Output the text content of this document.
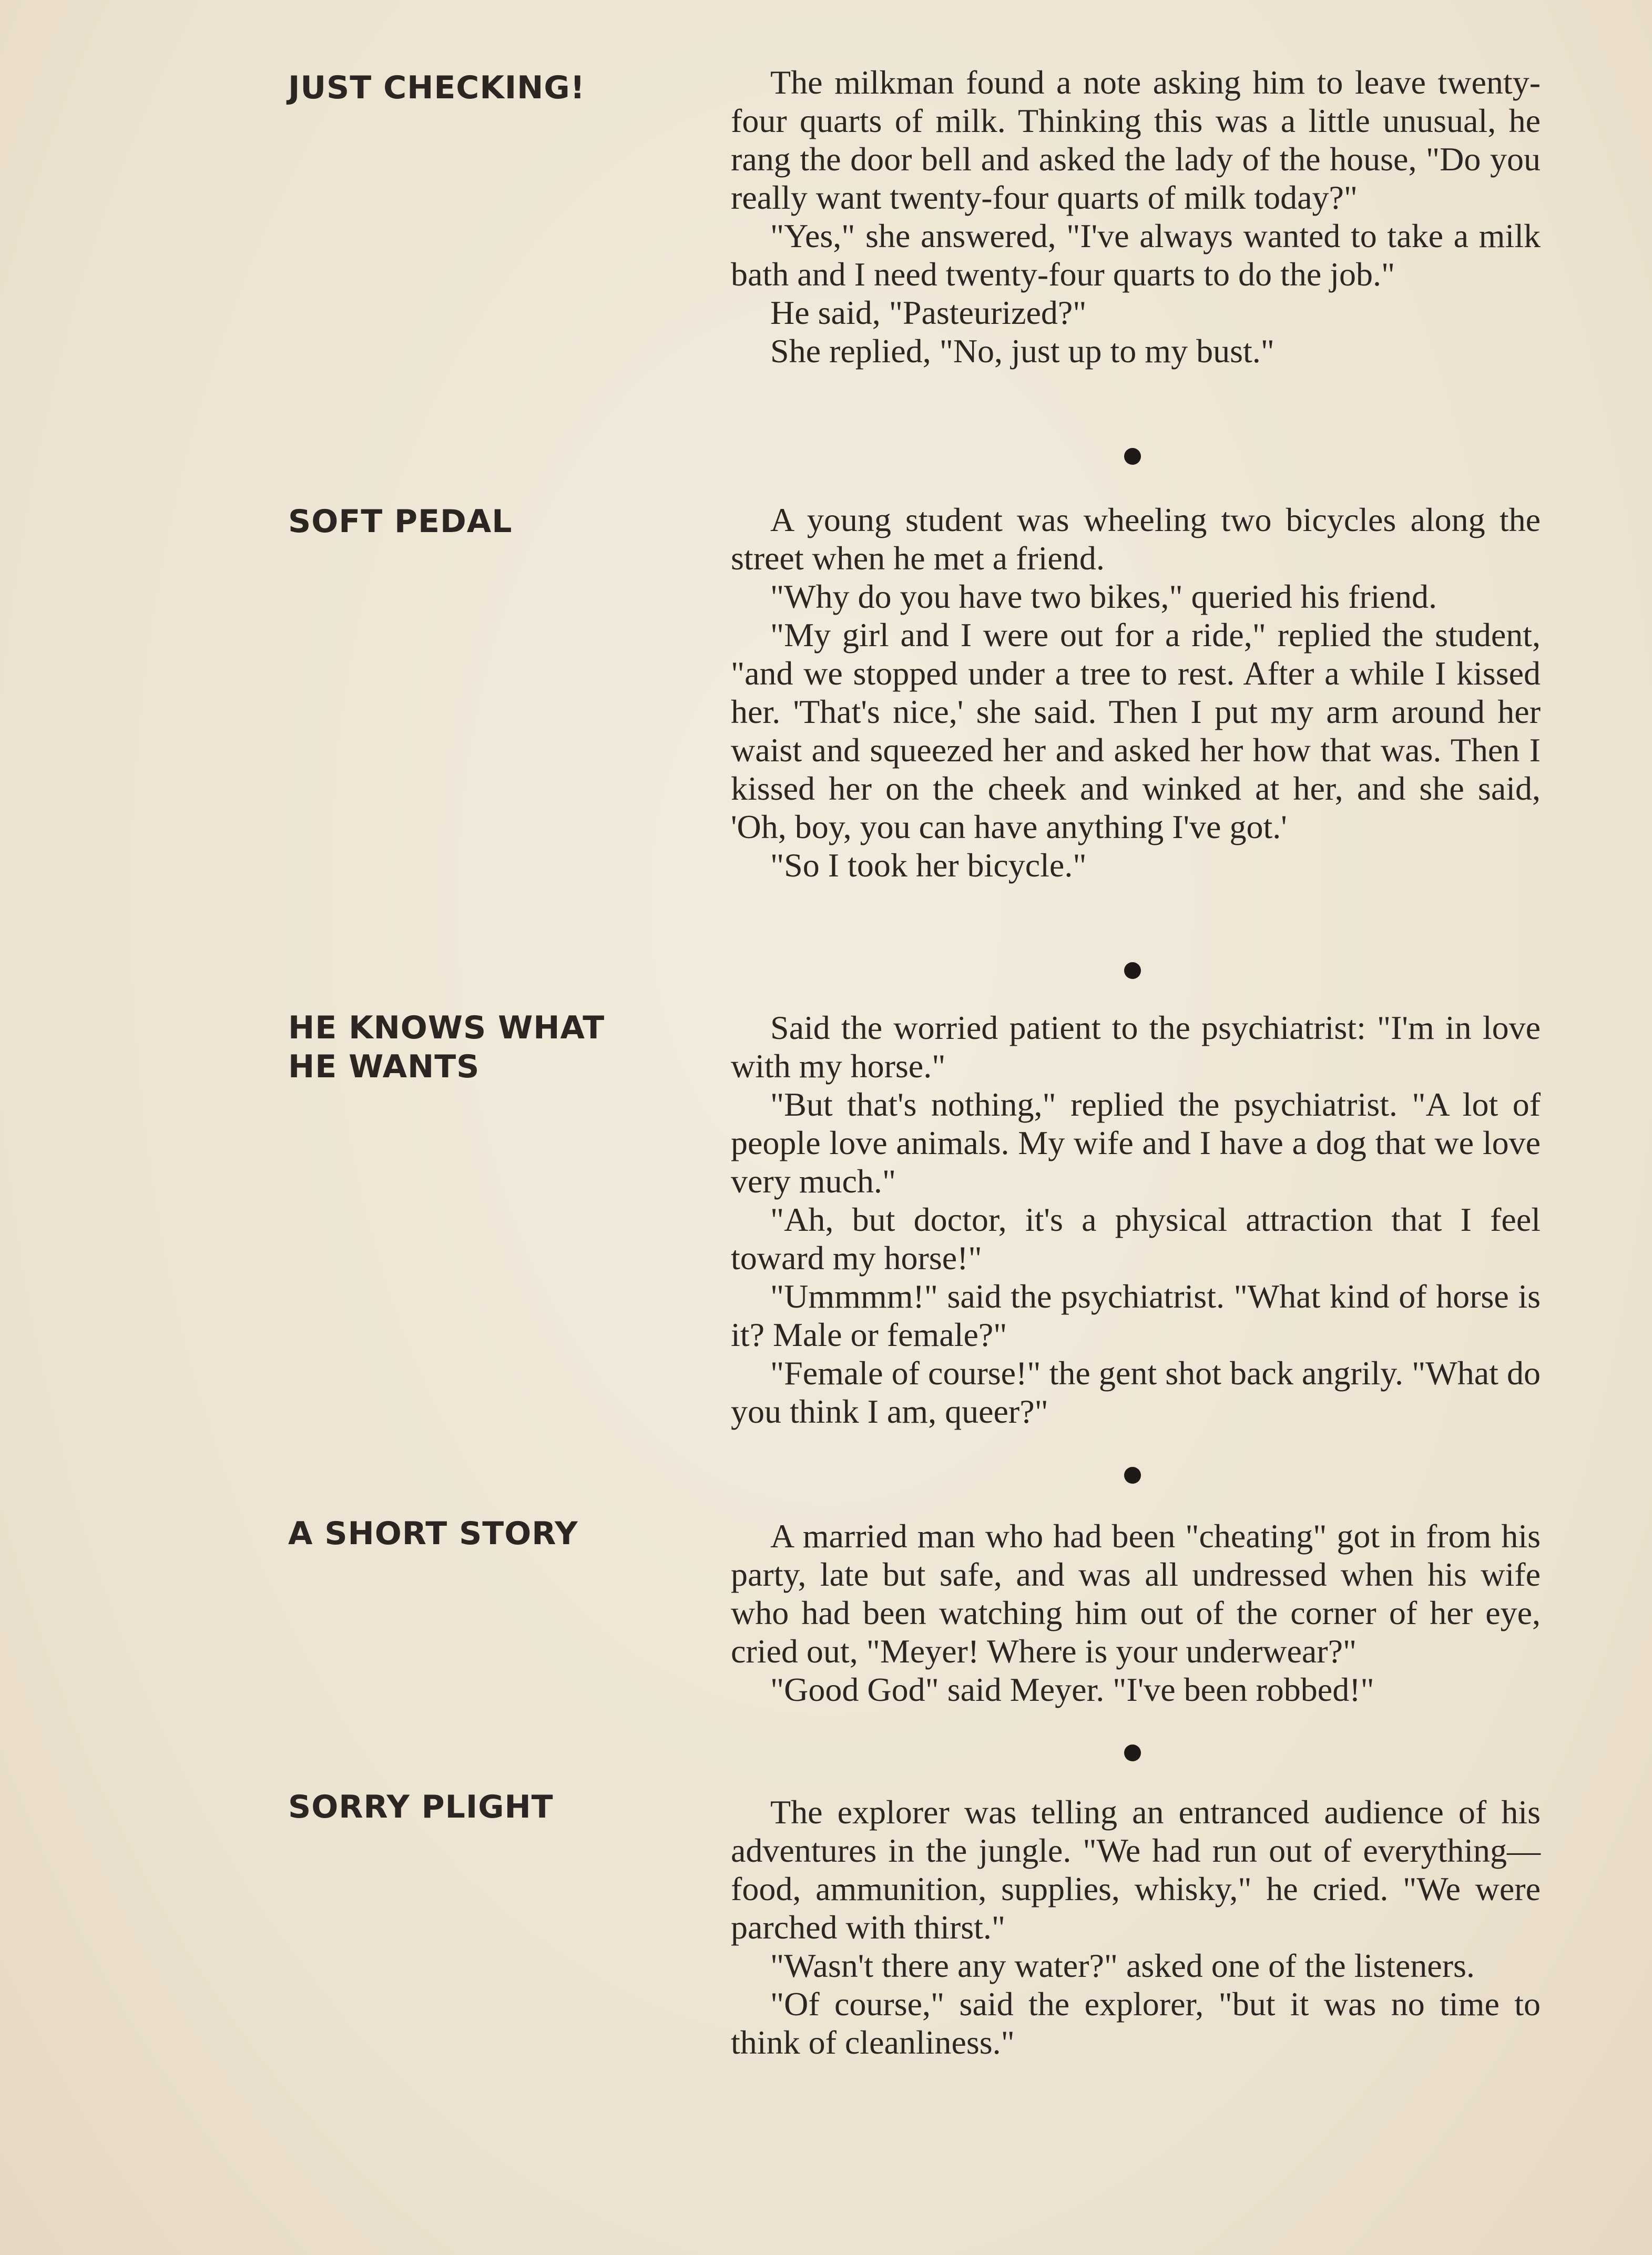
JUST CHECKING!	The milkman found a note asking him to leave twenty-four quarts of milk. Thinking this was a little unusual, he rang the door bell and asked the lady of the house, "Do you really want twenty-four quarts of milk today?"

"Yes," she answered, "I've always wanted to take a milk bath and I need twenty-four quarts to do the job."

He said, "Pasteurized?"

She replied, "No, just up to my bust."

SOFT PEDAL	A young student was wheeling two bicycles along the street when he met a friend.

"Why do you have two bikes," queried his friend.

"My girl and I were out for a ride," replied the student, "and we stopped under a tree to rest. After a while I kissed her. 'That's nice,' she said. Then I put my arm around her waist and squeezed her and asked her how that was. Then I kissed her on the cheek and winked at her, and she said, 'Oh, boy, you can have anything I've got.'

"So I took her bicycle."

HE KNOWS WHAT HE WANTS

Said the worried patient to the psychiatrist: "I'm in love with my horse."

"But that's nothing," replied the psychiatrist. "A lot of people love animals. My wife and I have a dog that we love very much."

"Ah, but doctor, it's a physical attraction that I feel toward my horse!"

"Ummmm!" said the psychiatrist. "What kind of horse is it? Male or female?"

"Female of course!" the gent shot back angrily. "What do you think I am, queer?"

A SHORT STORY	A married man who had been "cheating" got in from his party, late but safe, and was all undressed when his wife who had been watching him out of the corner of her eye, cried out, "Meyer! Where is your underwear?"

"Good God" said Meyer. "I've been robbed!"

SORRY PLIGHT	The explorer was telling an entranced audience of his adventures in the jungle. "We had run out of everything—food, ammunition, supplies, whisky," he cried. "We were parched with thirst."

"Wasn't there any water?" asked one of the listeners.

"Of course," said the explorer, "but it was no time to think of cleanliness."
